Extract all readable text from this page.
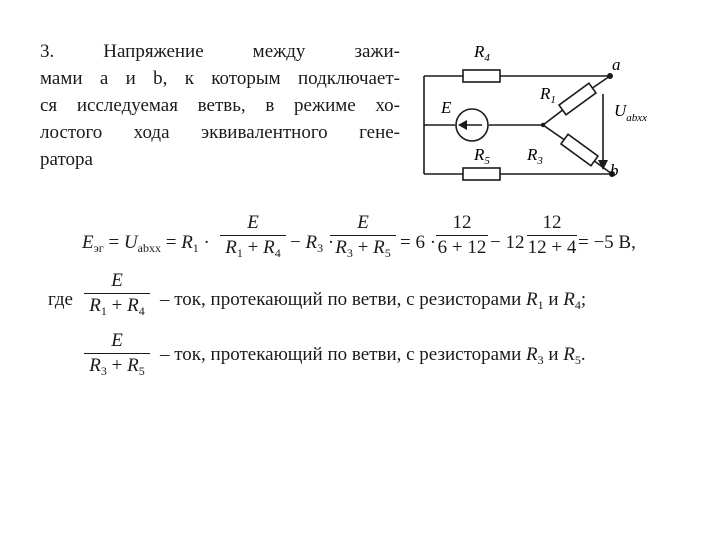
3. Напряжение между зажи-
мами a и b, к которым подключает-
ся исследуемая ветвь, в режиме хо-
лостого хода эквивалентного гене-
ратора
$R_4$
$R_1$
E
$R_5$ $R_3$
a
b
$U_{abxx}$
$E_{эг} = U_{abхх} = R_1$ ·
E
$R_1 + R_4 - R_3$ ·
E
$R_3 + R_5 = 6$ ·
12
6 + 12 − 12 ·
12
12 + 4 = −5 В,
где
E
$R_1 + R_4$
– ток, протекающий по ветви, с резисторами $R_1$ и $R_4$;
E
$R_3 + R_5$
– ток, протекающий по ветви, с резисторами $R_3$ и $R_5$.
